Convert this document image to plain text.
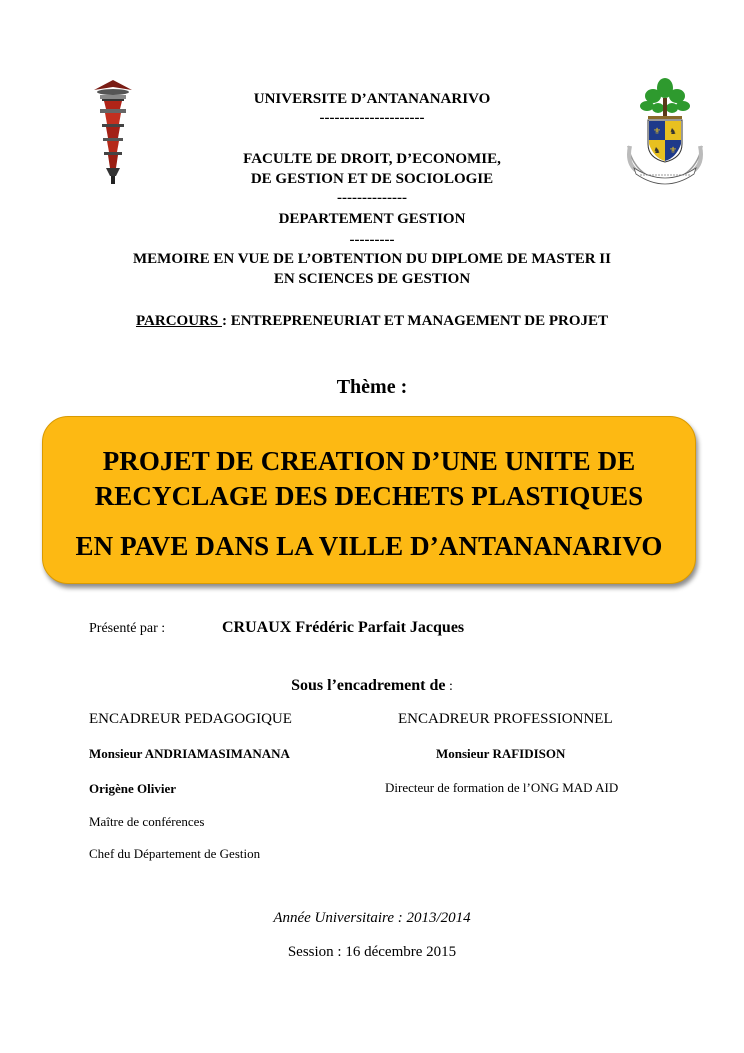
⚜
⚜
♞
♞
UNIVERSITE D’ANTANANARIVO
---------------------
FACULTE DE DROIT, D’ECONOMIE,
DE GESTION ET DE SOCIOLOGIE
--------------
DEPARTEMENT GESTION
---------
MEMOIRE EN VUE DE L’OBTENTION DU DIPLOME DE MASTER II
EN SCIENCES DE GESTION
PARCOURS : ENTREPRENEURIAT ET MANAGEMENT DE PROJET
Thème :
PROJET DE CREATION D’UNE UNITE DE
RECYCLAGE DES DECHETS PLASTIQUES
EN PAVE DANS LA VILLE D’ANTANANARIVO
Présenté par :	CRUAUX Frédéric Parfait Jacques
Sous l’encadrement de :
ENCADREUR PEDAGOGIQUE	ENCADREUR PROFESSIONNEL
Monsieur ANDRIAMASIMANANA	Monsieur RAFIDISON
Origène Olivier	Directeur de formation de l’ONG MAD AID
Maître de conférences
Chef du Département de Gestion
Année Universitaire : 2013/2014
Session : 16 décembre 2015
